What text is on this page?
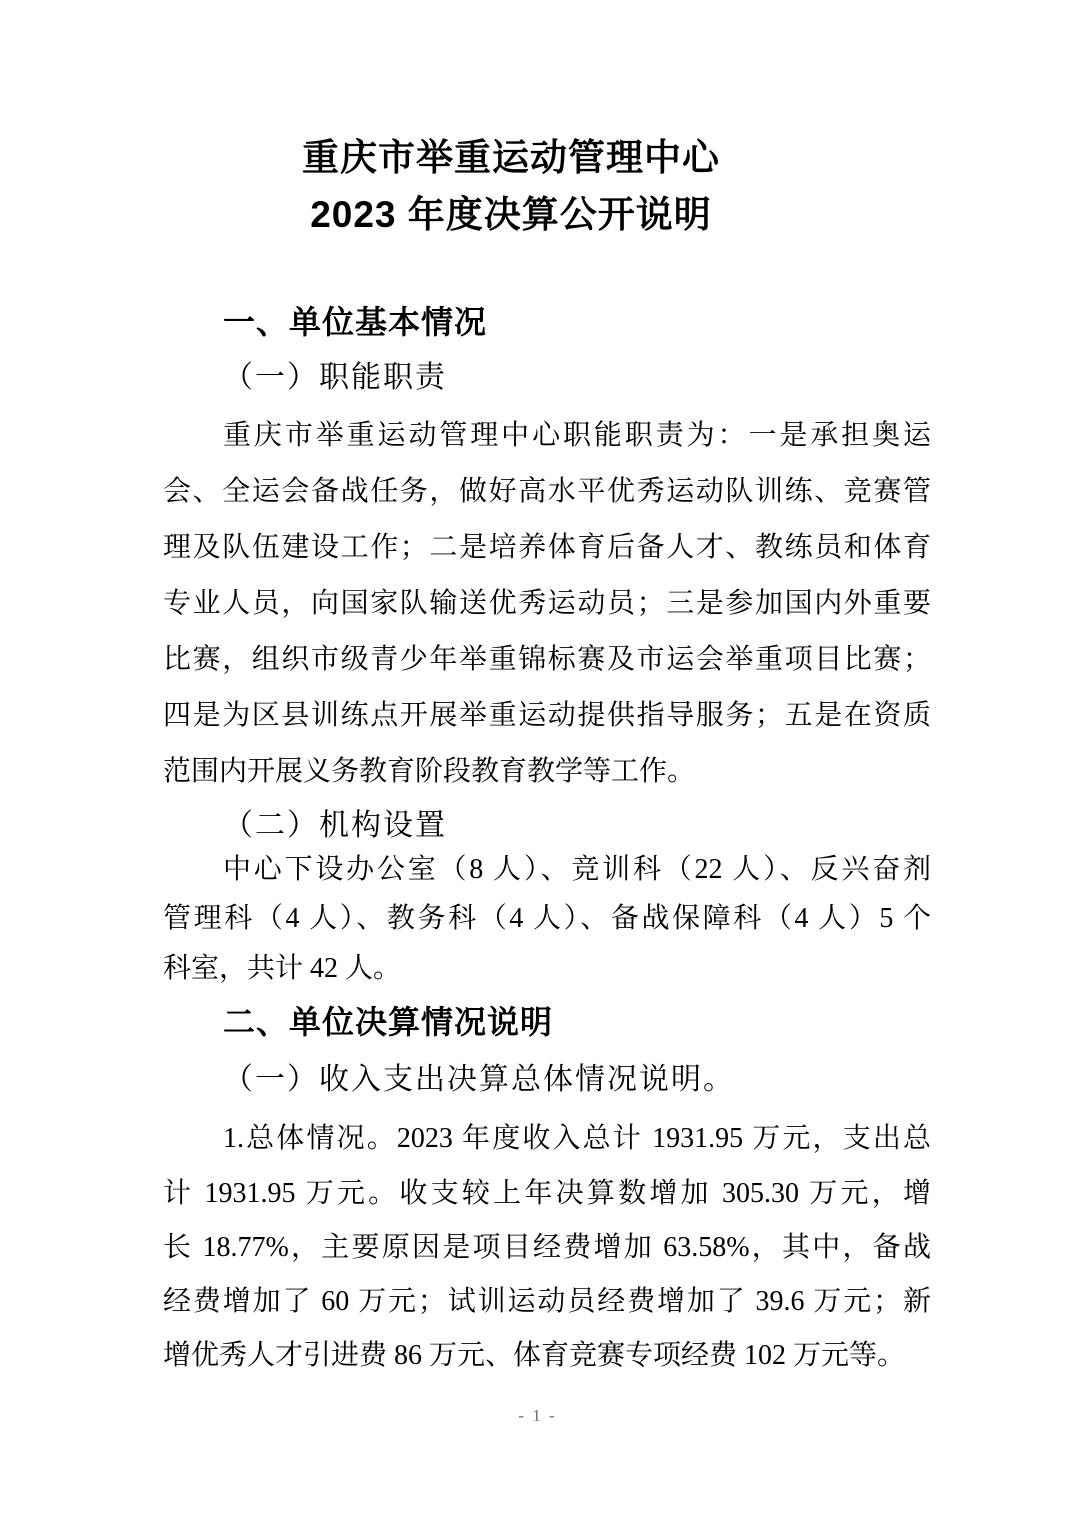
重庆市举重运动管理中心
2023 年度决算公开说明
一、单位基本情况
（一）职能职责
重庆市举重运动管理中心职能职责为：一是承担奥运
会、全运会备战任务，做好高水平优秀运动队训练、竞赛管
理及队伍建设工作；二是培养体育后备人才、教练员和体育
专业人员，向国家队输送优秀运动员；三是参加国内外重要
比赛，组织市级青少年举重锦标赛及市运会举重项目比赛；
四是为区县训练点开展举重运动提供指导服务；五是在资质
范围内开展义务教育阶段教育教学等工作。
（二）机构设置
中心下设办公室（8 人）、竞训科（22 人）、反兴奋剂
管理科（4 人）、教务科（4 人）、备战保障科（4 人）5 个
科室，共计 42 人。
二、单位决算情况说明
（一）收入支出决算总体情况说明。
1.总体情况。2023 年度收入总计 1931.95 万元，支出总
计 1931.95 万元。收支较上年决算数增加 305.30 万元，增
长 18.77%，主要原因是项目经费增加 63.58%，其中，备战
经费增加了 60 万元；试训运动员经费增加了 39.6 万元；新
增优秀人才引进费 86 万元、体育竞赛专项经费 102 万元等。
- 1 -
